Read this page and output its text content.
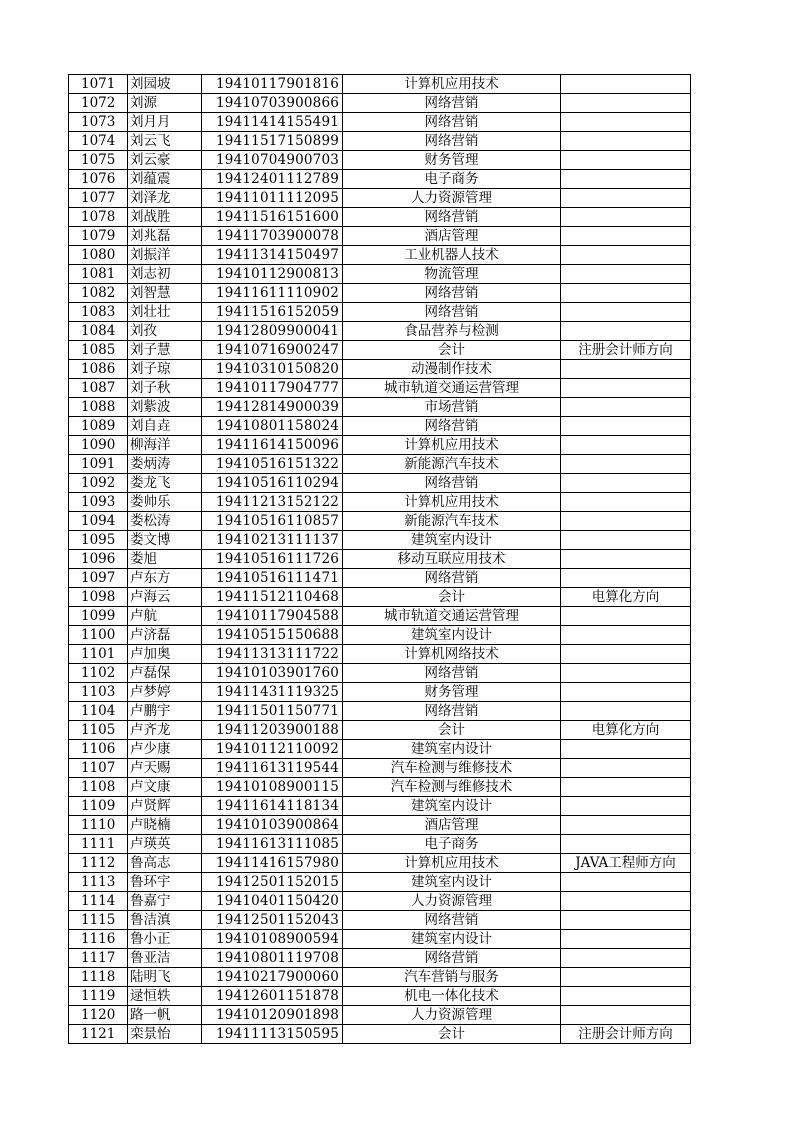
1071	刘园坡	19410117901816	计算机应用技术	
1072	刘源	19410703900866	网络营销	
1073	刘月月	19411414155491	网络营销	
1074	刘云飞	19411517150899	网络营销	
1075	刘云豪	19410704900703	财务管理	
1076	刘蕴震	19412401112789	电子商务	
1077	刘泽龙	19411011112095	人力资源管理	
1078	刘战胜	19411516151600	网络营销	
1079	刘兆磊	19411703900078	酒店管理	
1080	刘振洋	19411314150497	工业机器人技术	
1081	刘志初	19410112900813	物流管理	
1082	刘智慧	19411611110902	网络营销	
1083	刘壮壮	19411516152059	网络营销	
1084	刘孜	19412809900041	食品营养与检测	
1085	刘子慧	19410716900247	会计	注册会计师方向
1086	刘子琼	19410310150820	动漫制作技术	
1087	刘子秋	19410117904777	城市轨道交通运营管理	
1088	刘紫波	19412814900039	市场营销	
1089	刘自垚	19410801158024	网络营销	
1090	柳海洋	19411614150096	计算机应用技术	
1091	娄炳涛	19410516151322	新能源汽车技术	
1092	娄龙飞	19410516110294	网络营销	
1093	娄帅乐	19411213152122	计算机应用技术	
1094	娄松涛	19410516110857	新能源汽车技术	
1095	娄文博	19410213111137	建筑室内设计	
1096	娄旭	19410516111726	移动互联应用技术	
1097	卢东方	19410516111471	网络营销	
1098	卢海云	19411512110468	会计	电算化方向
1099	卢航	19410117904588	城市轨道交通运营管理	
1100	卢济磊	19410515150688	建筑室内设计	
1101	卢加奥	19411313111722	计算机网络技术	
1102	卢磊保	19410103901760	网络营销	
1103	卢梦婷	19411431119325	财务管理	
1104	卢鹏宇	19411501150771	网络营销	
1105	卢齐龙	19411203900188	会计	电算化方向
1106	卢少康	19410112110092	建筑室内设计	
1107	卢天赐	19411613119544	汽车检测与维修技术	
1108	卢文康	19410108900115	汽车检测与维修技术	
1109	卢贤辉	19411614118134	建筑室内设计	
1110	卢晓楠	19410103900864	酒店管理	
1111	卢瑛英	19411613111085	电子商务	
1112	鲁高志	19411416157980	计算机应用技术	JAVA工程师方向
1113	鲁环宇	19412501152015	建筑室内设计	
1114	鲁嘉宁	19410401150420	人力资源管理	
1115	鲁洁滇	19412501152043	网络营销	
1116	鲁小正	19410108900594	建筑室内设计	
1117	鲁亚洁	19410801119708	网络营销	
1118	陆明飞	19410217900060	汽车营销与服务	
1119	逯恒轶	19412601151878	机电一体化技术	
1120	路一帆	19410120901898	人力资源管理	
1121	栾景怡	19411113150595	会计	注册会计师方向
